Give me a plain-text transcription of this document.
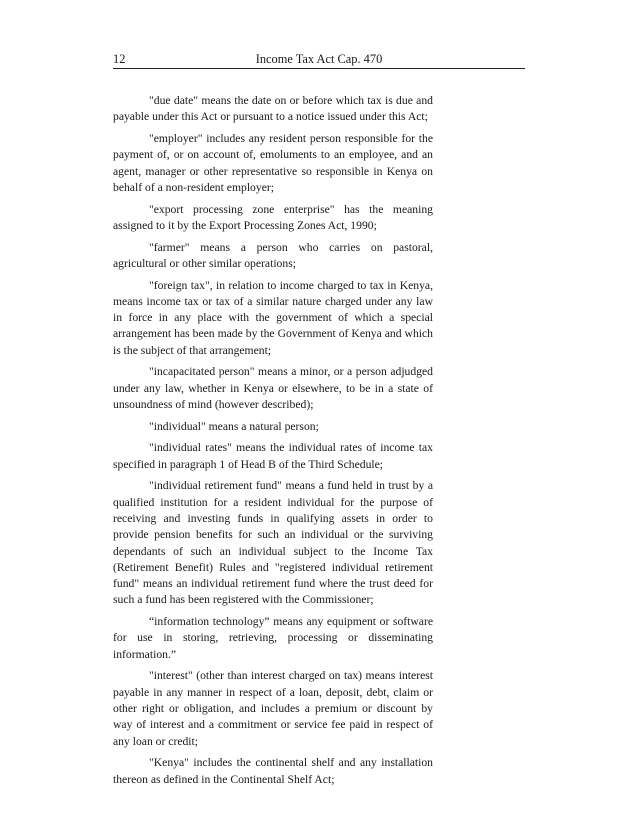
12	Income Tax Act Cap. 470

"due date" means the date on or before which tax is due and payable under this Act or pursuant to a notice issued under this Act;

"employer" includes any resident person responsible for the payment of, or on account of, emoluments to an employee, and an agent, manager or other representative so responsible in Kenya on behalf of a non-resident employer;

"export processing zone enterprise" has the meaning assigned to it by the Export Processing Zones Act, 1990;

"farmer" means a person who carries on pastoral, agricultural or other similar operations;

"foreign tax", in relation to income charged to tax in Kenya, means income tax or tax of a similar nature charged under any law in force in any place with the government of which a special arrangement has been made by the Government of Kenya and which is the subject of that arrangement;

"incapacitated person" means a minor, or a person adjudged under any law, whether in Kenya or elsewhere, to be in a state of unsoundness of mind (however described);

"individual" means a natural person;

"individual rates" means the individual rates of income tax specified in paragraph 1 of Head B of the Third Schedule;

"individual retirement fund" means a fund held in trust by a qualified institution for a resident individual for the purpose of receiving and investing funds in qualifying assets in order to provide pension benefits for such an individual or the surviving dependants of such an individual subject to the Income Tax (Retirement Benefit) Rules and "registered individual retirement fund" means an individual retirement fund where the trust deed for such a fund has been registered with the Commissioner;

“information technology” means any equipment or software for use in storing, retrieving, processing or disseminating information.”

"interest" (other than interest charged on tax) means interest payable in any manner in respect of a loan, deposit, debt, claim or other right or obligation, and includes a premium or discount by way of interest and a commitment or service fee paid in respect of any loan or credit;

"Kenya" includes the continental shelf and any installation thereon as defined in the Continental Shelf Act;
